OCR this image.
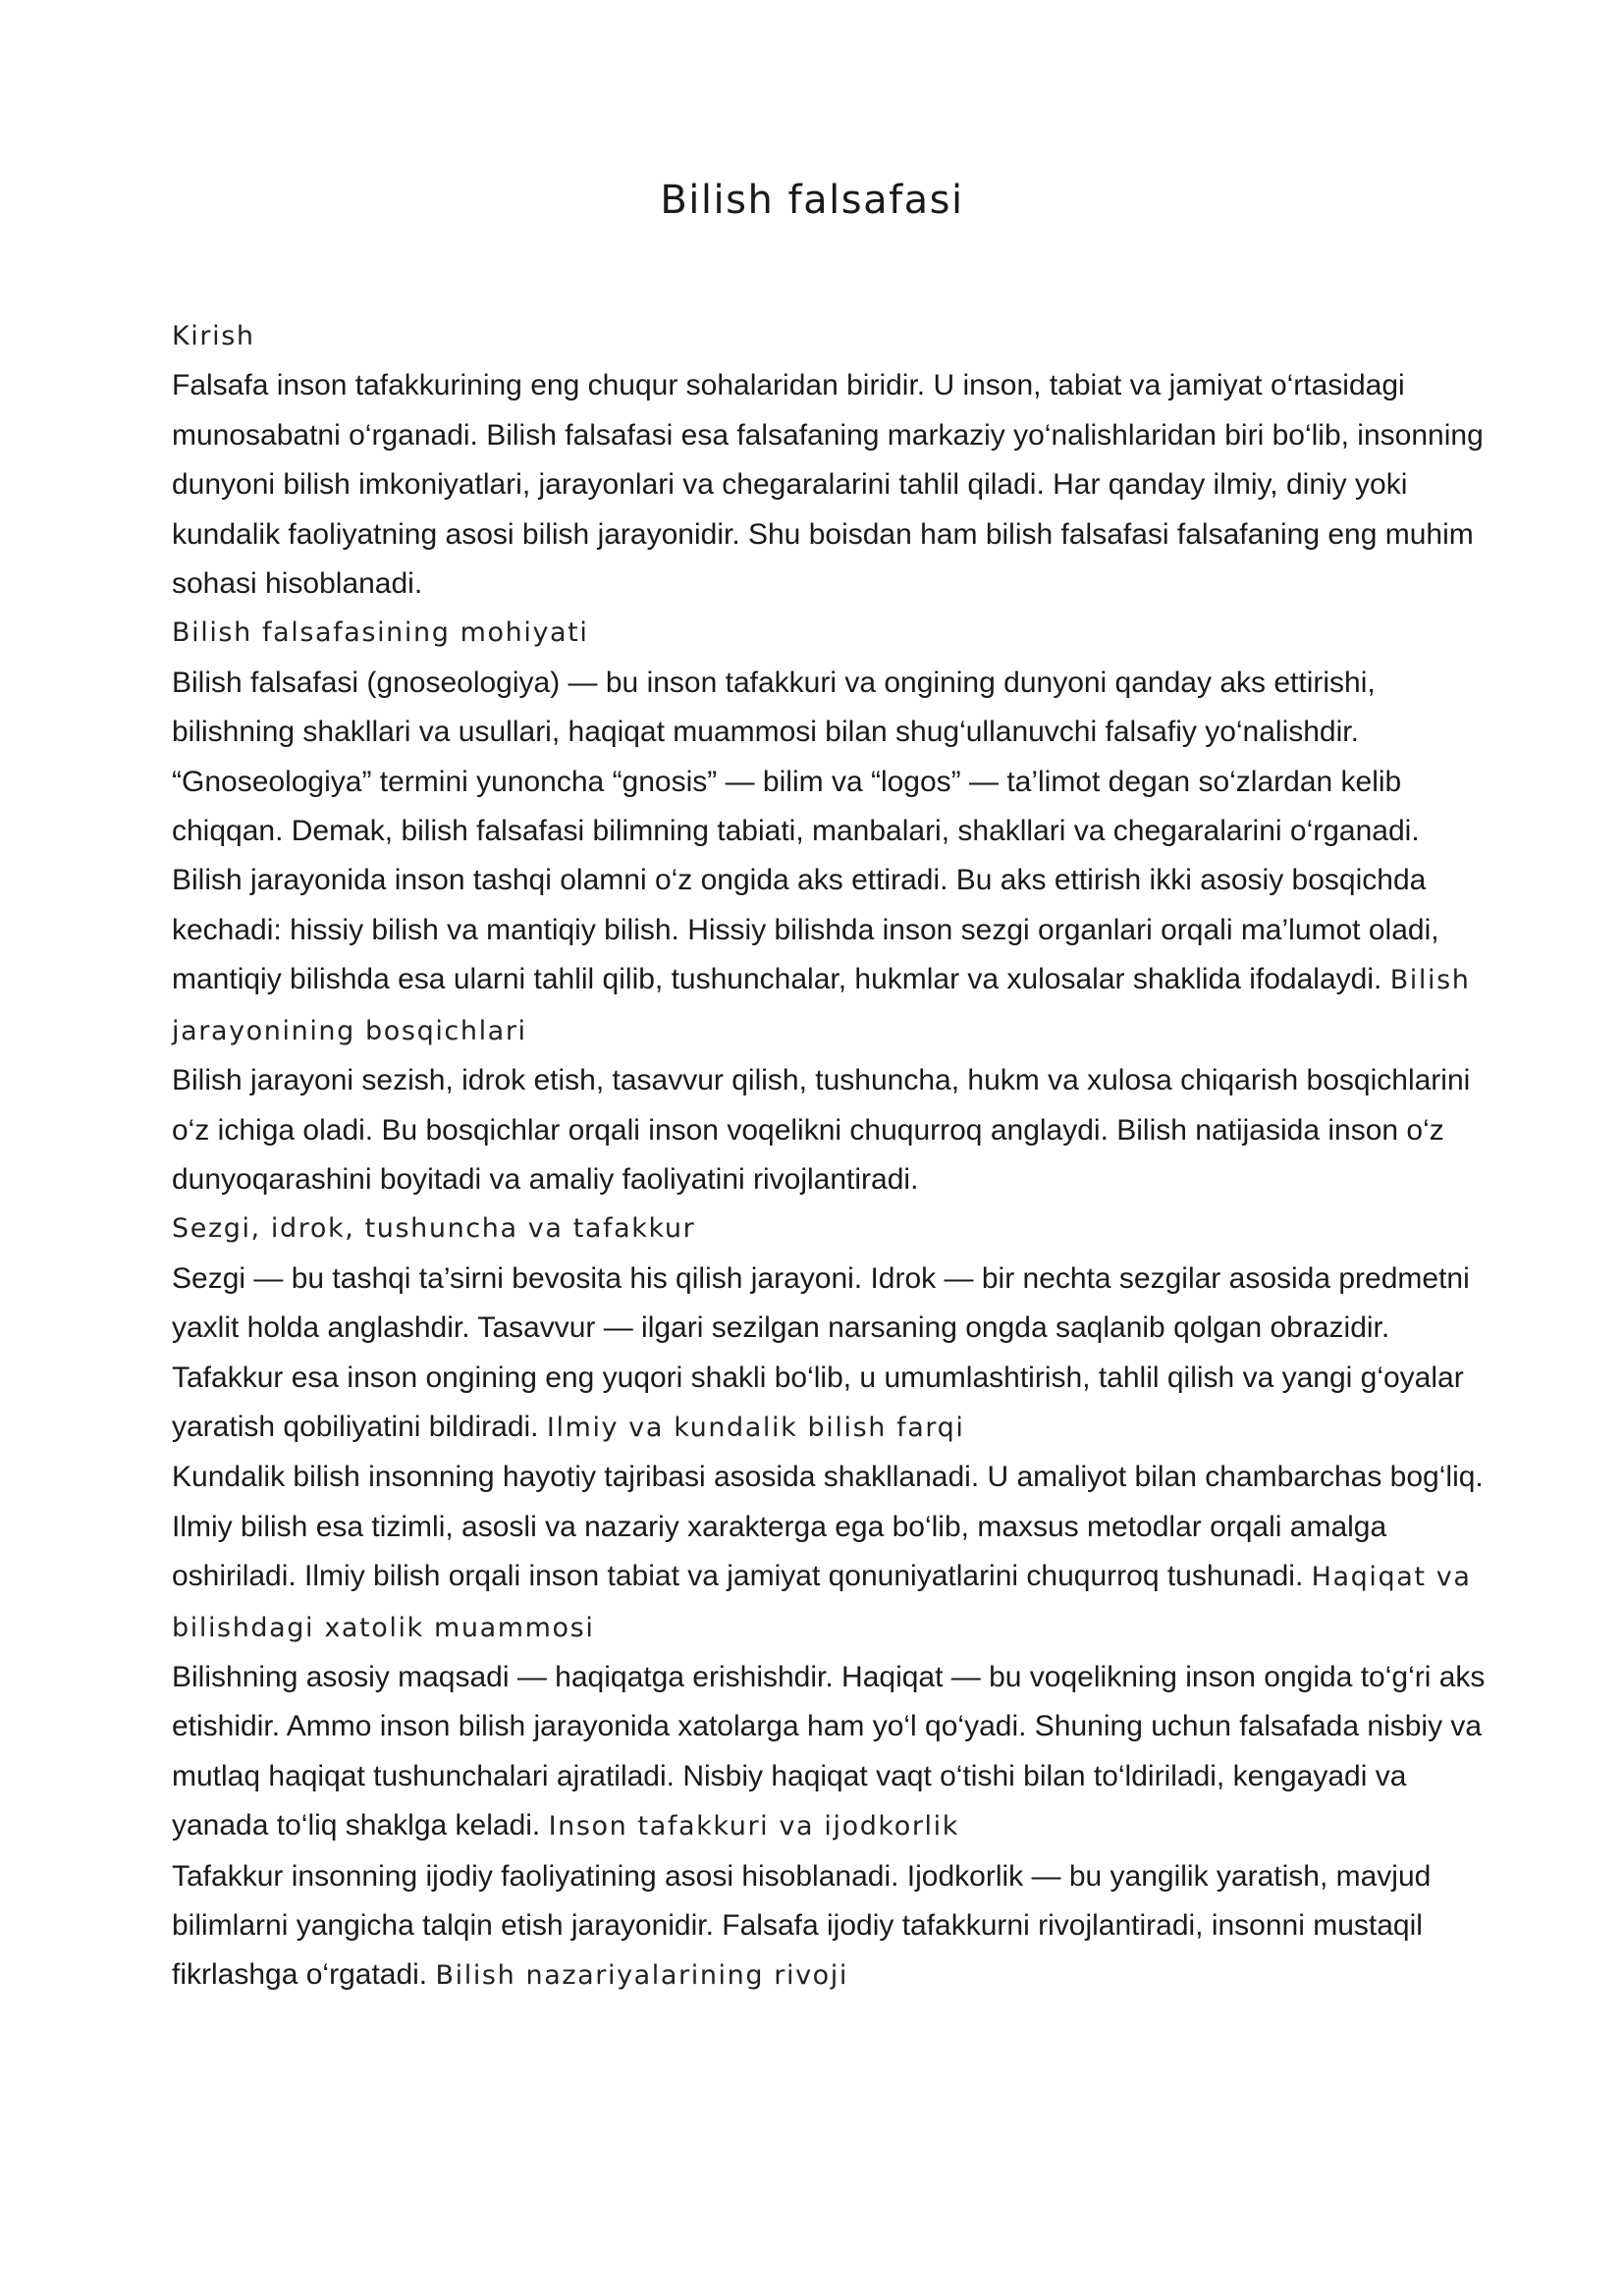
Bilish falsafasi
Kirish

Falsafa inson tafakkurining eng chuqur sohalaridan biridir. U inson, tabiat va jamiyat o‘rtasidagi munosabatni o‘rganadi. Bilish falsafasi esa falsafaning markaziy yo‘nalishlaridan biri bo‘lib, insonning dunyoni bilish imkoniyatlari, jarayonlari va chegaralarini tahlil qiladi. Har qanday ilmiy, diniy yoki kundalik faoliyatning asosi bilish jarayonidir. Shu boisdan ham bilish falsafasi falsafaning eng muhim sohasi hisoblanadi.

Bilish falsafasining mohiyati

Bilish falsafasi (gnoseologiya) — bu inson tafakkuri va ongining dunyoni qanday aks ettirishi, bilishning shakllari va usullari, haqiqat muammosi bilan shug‘ullanuvchi falsafiy yo‘nalishdir. “Gnoseologiya” termini yunoncha “gnosis” — bilim va “logos” — ta’limot degan so‘zlardan kelib chiqqan. Demak, bilish falsafasi bilimning tabiati, manbalari, shakllari va chegaralarini o‘rganadi. Bilish jarayonida inson tashqi olamni o‘z ongida aks ettiradi. Bu aks ettirish ikki asosiy bosqichda kechadi: hissiy bilish va mantiqiy bilish. Hissiy bilishda inson sezgi organlari orqali ma’lumot oladi, mantiqiy bilishda esa ularni tahlil qilib, tushunchalar, hukmlar va xulosalar shaklida ifodalaydi. Bilish jarayonining bosqichlari

Bilish jarayoni sezish, idrok etish, tasavvur qilish, tushuncha, hukm va xulosa chiqarish bosqichlarini o‘z ichiga oladi. Bu bosqichlar orqali inson voqelikni chuqurroq anglaydi. Bilish natijasida inson o‘z dunyoqarashini boyitadi va amaliy faoliyatini rivojlantiradi.

Sezgi, idrok, tushuncha va tafakkur

Sezgi — bu tashqi ta’sirni bevosita his qilish jarayoni. Idrok — bir nechta sezgilar asosida predmetni yaxlit holda anglashdir. Tasavvur — ilgari sezilgan narsaning ongda saqlanib qolgan obrazidir. Tafakkur esa inson ongining eng yuqori shakli bo‘lib, u umumlashtirish, tahlil qilish va yangi g‘oyalar yaratish qobiliyatini bildiradi. Ilmiy va kundalik bilish farqi

Kundalik bilish insonning hayotiy tajribasi asosida shakllanadi. U amaliyot bilan chambarchas bog‘liq. Ilmiy bilish esa tizimli, asosli va nazariy xarakterga ega bo‘lib, maxsus metodlar orqali amalga oshiriladi. Ilmiy bilish orqali inson tabiat va jamiyat qonuniyatlarini chuqurroq tushunadi. Haqiqat va bilishdagi xatolik muammosi

Bilishning asosiy maqsadi — haqiqatga erishishdir. Haqiqat — bu voqelikning inson ongida to‘g‘ri aks etishidir. Ammo inson bilish jarayonida xatolarga ham yo‘l qo‘yadi. Shuning uchun falsafada nisbiy va mutlaq haqiqat tushunchalari ajratiladi. Nisbiy haqiqat vaqt o‘tishi bilan to‘ldiriladi, kengayadi va yanada to‘liq shaklga keladi. Inson tafakkuri va ijodkorlik

Tafakkur insonning ijodiy faoliyatining asosi hisoblanadi. Ijodkorlik — bu yangilik yaratish, mavjud bilimlarni yangicha talqin etish jarayonidir. Falsafa ijodiy tafakkurni rivojlantiradi, insonni mustaqil fikrlashga o‘rgatadi. Bilish nazariyalarining rivoji
